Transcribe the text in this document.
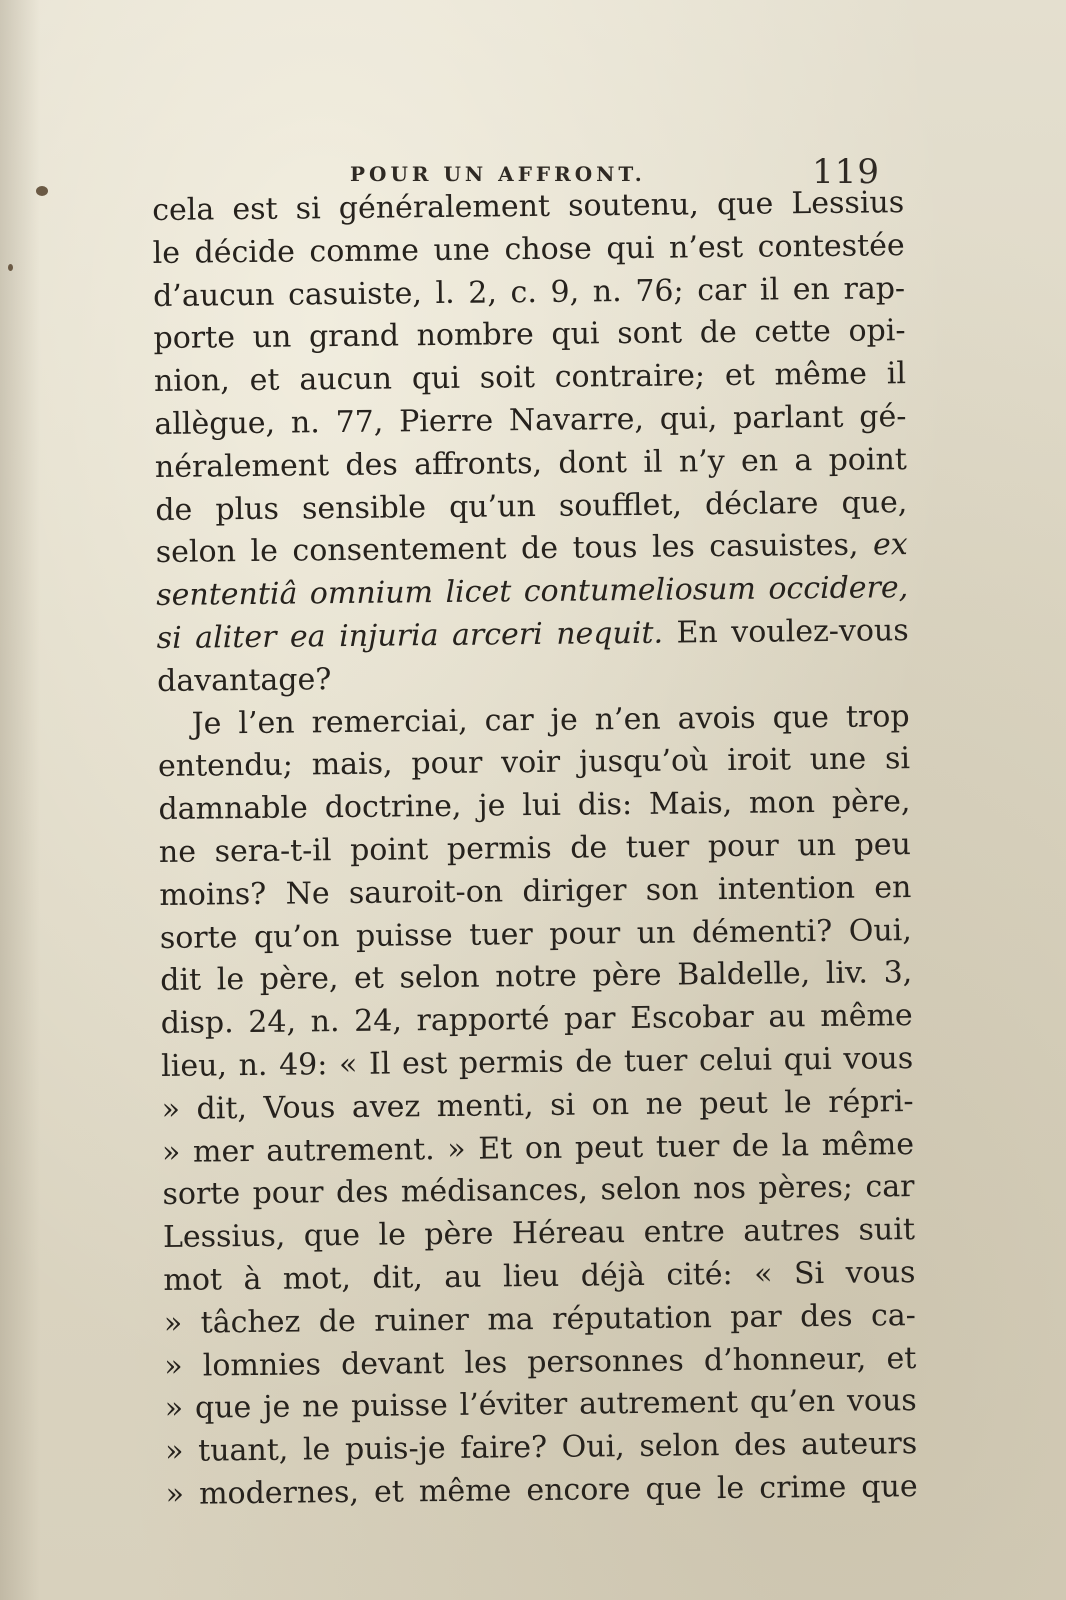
POUR UN AFFRONT.	119
cela est si généralement soutenu, que Lessius
le décide comme une chose qui n’est contestée
d’aucun casuiste, l. 2, c. 9, n. 76; car il en rap-
porte un grand nombre qui sont de cette opi-
nion, et aucun qui soit contraire; et même il
allègue, n. 77, Pierre Navarre, qui, parlant gé-
néralement des affronts, dont il n’y en a point
de plus sensible qu’un soufflet, déclare que,
selon le consentement de tous les casuistes, ex
sententiâ omnium licet contumeliosum occidere,
si aliter ea injuria arceri nequit. En voulez-vous
davantage?
Je l’en remerciai, car je n’en avois que trop
entendu; mais, pour voir jusqu’où iroit une si
damnable doctrine, je lui dis: Mais, mon père,
ne sera-t-il point permis de tuer pour un peu
moins? Ne sauroit-on diriger son intention en
sorte qu’on puisse tuer pour un démenti? Oui,
dit le père, et selon notre père Baldelle, liv. 3,
disp. 24, n. 24, rapporté par Escobar au même
lieu, n. 49: « Il est permis de tuer celui qui vous
» dit, Vous avez menti, si on ne peut le répri-
» mer autrement. » Et on peut tuer de la même
sorte pour des médisances, selon nos pères; car
Lessius, que le père Héreau entre autres suit
mot à mot, dit, au lieu déjà cité: « Si vous
» tâchez de ruiner ma réputation par des ca-
» lomnies devant les personnes d’honneur, et
» que je ne puisse l’éviter autrement qu’en vous
» tuant, le puis-je faire? Oui, selon des auteurs
» modernes, et même encore que le crime que
